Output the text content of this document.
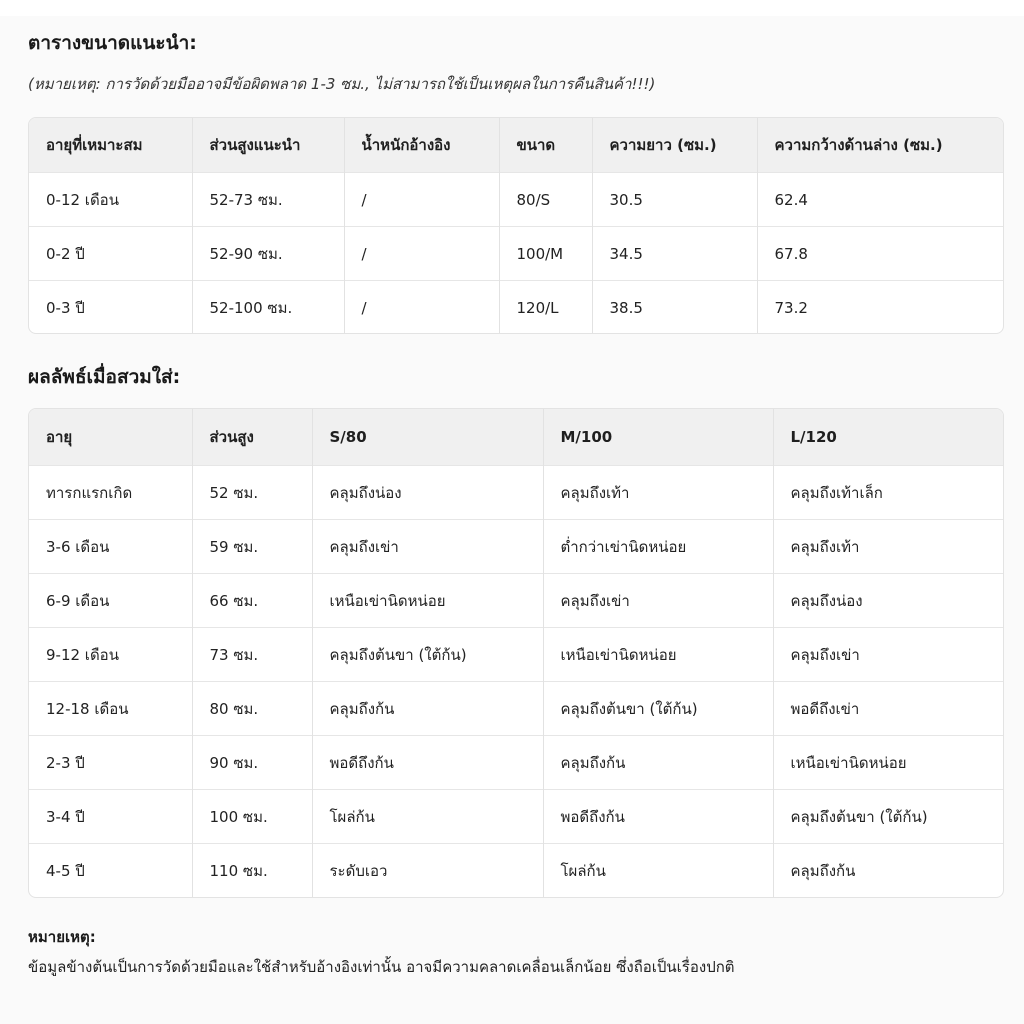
ตารางขนาดแนะนำ:
(หมายเหตุ: การวัดด้วยมืออาจมีข้อผิดพลาด 1-3 ซม., ไม่สามารถใช้เป็นเหตุผลในการคืนสินค้า!!!)
อายุที่เหมาะสม	ส่วนสูงแนะนำ	น้ำหนักอ้างอิง	ขนาด	ความยาว (ซม.)	ความกว้างด้านล่าง (ซม.)
0-12 เดือน	52-73 ซม.	/	80/S	30.5	62.4
0-2 ปี	52-90 ซม.	/	100/M	34.5	67.8
0-3 ปี	52-100 ซม.	/	120/L	38.5	73.2
ผลลัพธ์เมื่อสวมใส่:
อายุ	ส่วนสูง	S/80	M/100	L/120
ทารกแรกเกิด	52 ซม.	คลุมถึงน่อง	คลุมถึงเท้า	คลุมถึงเท้าเล็ก
3-6 เดือน	59 ซม.	คลุมถึงเข่า	ต่ำกว่าเข่านิดหน่อย	คลุมถึงเท้า
6-9 เดือน	66 ซม.	เหนือเข่านิดหน่อย	คลุมถึงเข่า	คลุมถึงน่อง
9-12 เดือน	73 ซม.	คลุมถึงต้นขา (ใต้ก้น)	เหนือเข่านิดหน่อย	คลุมถึงเข่า
12-18 เดือน	80 ซม.	คลุมถึงก้น	คลุมถึงต้นขา (ใต้ก้น)	พอดีถึงเข่า
2-3 ปี	90 ซม.	พอดีถึงก้น	คลุมถึงก้น	เหนือเข่านิดหน่อย
3-4 ปี	100 ซม.	โผล่ก้น	พอดีถึงก้น	คลุมถึงต้นขา (ใต้ก้น)
4-5 ปี	110 ซม.	ระดับเอว	โผล่ก้น	คลุมถึงก้น
หมายเหตุ:
ข้อมูลข้างต้นเป็นการวัดด้วยมือและใช้สำหรับอ้างอิงเท่านั้น อาจมีความคลาดเคลื่อนเล็กน้อย ซึ่งถือเป็นเรื่องปกติ
